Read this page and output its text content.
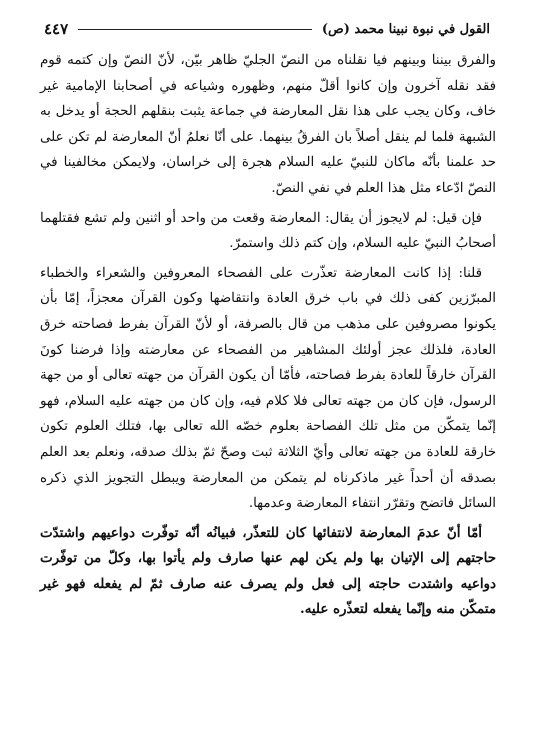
القول في نبوة نبينا محمد (ص)
٤٤٧

والفرق بيننا وبينهم فيا نقلناه من النصّ الجليّ ظاهر بيّن، لأنّ النصّ وإن كتمه قوم فقد نقله آخرون وإن كانوا أقلّ منهم، وظهوره وشياعه في أصحابنا الإمامية غير خاف، وكان يجب على هذا نقل المعارضة في جماعة يثبت بنقلهم الحجة أو يدخل به الشبهة فلما لم ينقل أصلاً بان الفرقُ بينهما. على أنّا نعلمُ أنّ المعارضة لم تكن على حد علمنا بأنّه ماكان للنبيّ عليه السلام هجرة إلى خراسان، ولايمكن مخالفينا في النصّ ادّعاء مثل هذا العلم في نفي النصّ.

فإن قيل: لم لايجوز أن يقال: المعارضة وقعت من واحد أو اثنين ولم تشع فقتلهما أصحابُ النبيّ عليه السلام، وإن كتم ذلك واستمرّ.

قلنا: إذا كانت المعارضة تعذّرت على الفصحاء المعروفين والشعراء والخطباء المبرّزين كفى ذلك في باب خرق العادة وانتقاضها وكون القرآن معجزاً، إمّا بأن يكونوا مصروفين على مذهب من قال بالصرفة، أو لأنّ القرآن بفرط فصاحته خرق العادة، فلذلك عجز أولئك المشاهير من الفصحاء عن معارضته وإذا فرضنا كونَ القرآن خارقاً للعادة بفرط فصاحته، فأمّا أن يكون القرآن من جهته تعالى أو من جهة الرسول، فإن كان من جهته تعالى فلا كلام فيه، وإن كان من جهته عليه السلام، فهو إنّما يتمكّن من مثل تلك الفصاحة بعلوم خصّه الله تعالى بها، فتلك العلوم تكون خارقة للعادة من جهته تعالى وأيّ الثلاثة ثبت وصحّ ثمّ بذلك صدقه، ونعلم بعد العلم بصدقه أن أحداً غير ماذكرناه لم يتمكن من المعارضة ويبطل التجويز الذي ذكره السائل فاتضح وتقرّر انتفاء المعارضة وعدمها.

أمّا أنّ عدمَ المعارضة لانتفائها كان للتعذّر، فبيانُه أنّه توفّرت دواعيهم واشتدّت حاجتهم إلى الإتيان بها ولم يكن لهم عنها صارف ولم يأتوا بها، وكلّ من توفّرت دواعيه واشتدت حاجته إلى فعل ولم يصرف عنه صارف ثمّ لم يفعله فهو غير متمكّن منه وإنّما يفعله لتعذّره عليه.
